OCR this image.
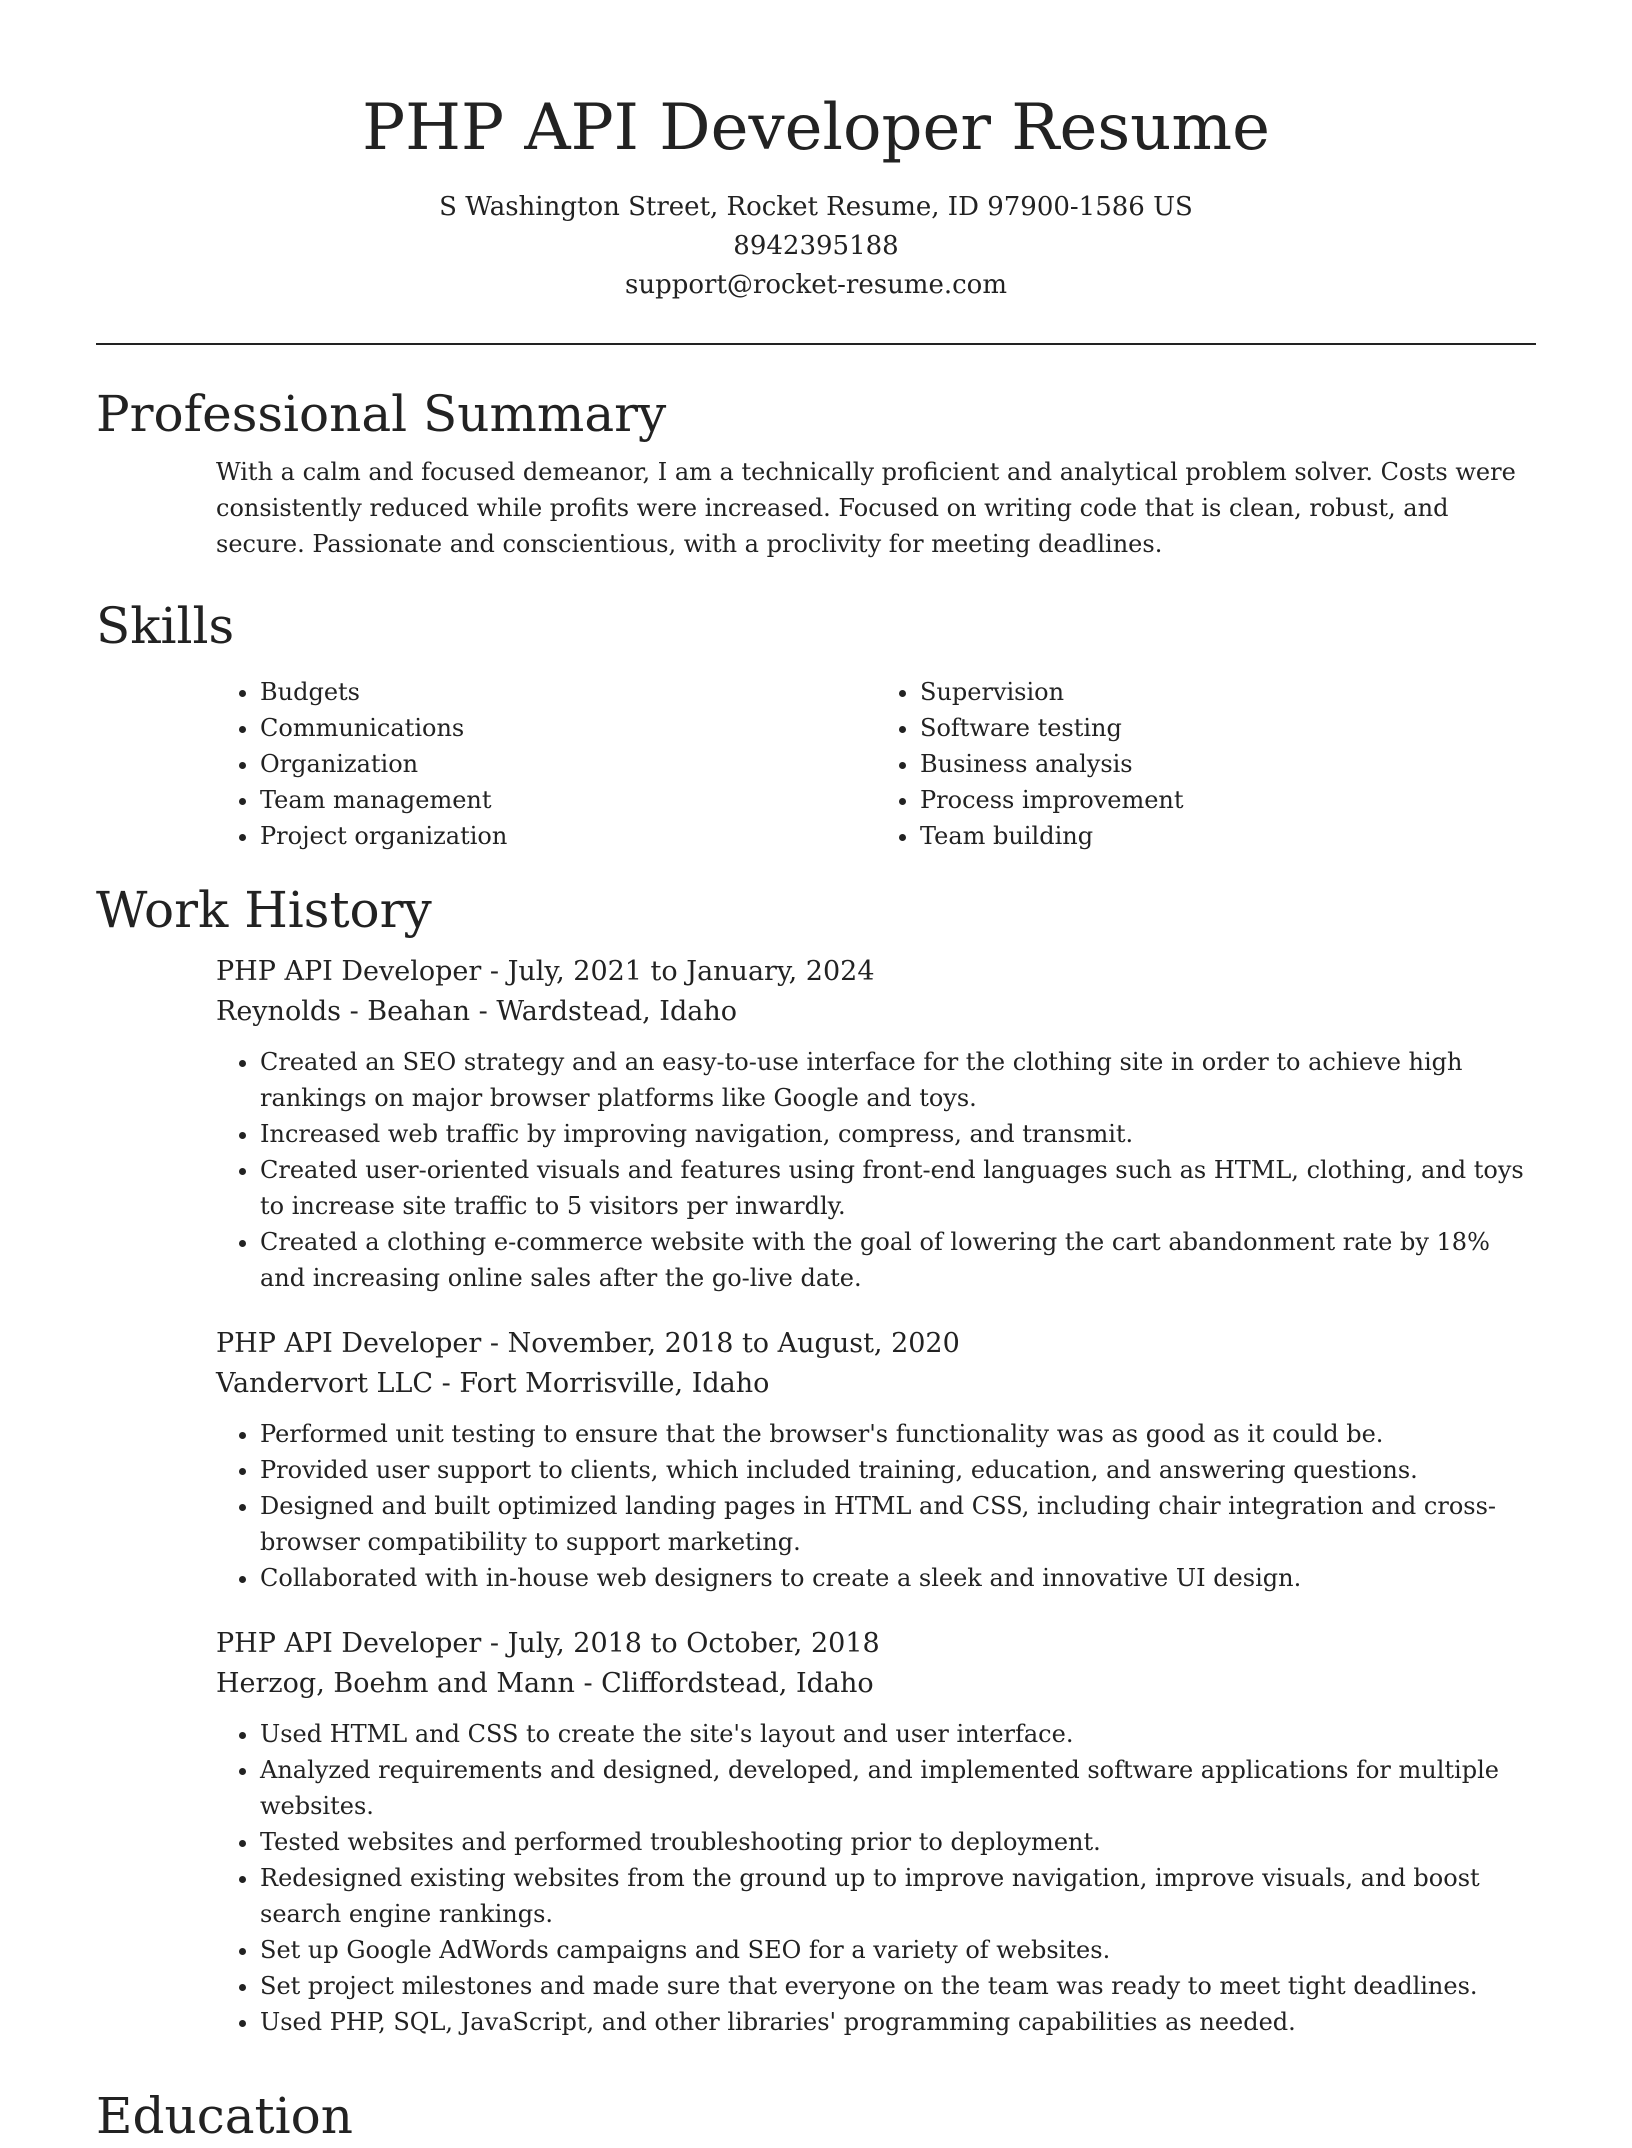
PHP API Developer Resume

S Washington Street, Rocket Resume, ID 97900-1586 US

8942395188

support@rocket-resume.com

Professional Summary

With a calm and focused demeanor, I am a technically proficient and analytical problem solver. Costs were consistently reduced while profits were increased. Focused on writing code that is clean, robust, and secure. Passionate and conscientious, with a proclivity for meeting deadlines.

Skills
• Budgets
• Communications
• Organization
• Team management
• Project organization
• Supervision
• Software testing
• Business analysis
• Process improvement
• Team building
Work History

PHP API Developer - July, 2021 to January, 2024

Reynolds - Beahan - Wardstead, Idaho

• Created an SEO strategy and an easy-to-use interface for the clothing site in order to achieve high rankings on major browser platforms like Google and toys.
• Increased web traffic by improving navigation, compress, and transmit.
• Created user-oriented visuals and features using front-end languages such as HTML, clothing, and toys to increase site traffic to 5 visitors per inwardly.
• Created a clothing e-commerce website with the goal of lowering the cart abandonment rate by 18% and increasing online sales after the go-live date.

PHP API Developer - November, 2018 to August, 2020

Vandervort LLC - Fort Morrisville, Idaho

• Performed unit testing to ensure that the browser's functionality was as good as it could be.
• Provided user support to clients, which included training, education, and answering questions.
• Designed and built optimized landing pages in HTML and CSS, including chair integration and cross-browser compatibility to support marketing.
• Collaborated with in-house web designers to create a sleek and innovative UI design.

PHP API Developer - July, 2018 to October, 2018

Herzog, Boehm and Mann - Cliffordstead, Idaho

• Used HTML and CSS to create the site's layout and user interface.
• Analyzed requirements and designed, developed, and implemented software applications for multiple websites.
• Tested websites and performed troubleshooting prior to deployment.
• Redesigned existing websites from the ground up to improve navigation, improve visuals, and boost search engine rankings.
• Set up Google AdWords campaigns and SEO for a variety of websites.
• Set project milestones and made sure that everyone on the team was ready to meet tight deadlines.
• Used PHP, SQL, JavaScript, and other libraries' programming capabilities as needed.
Education
